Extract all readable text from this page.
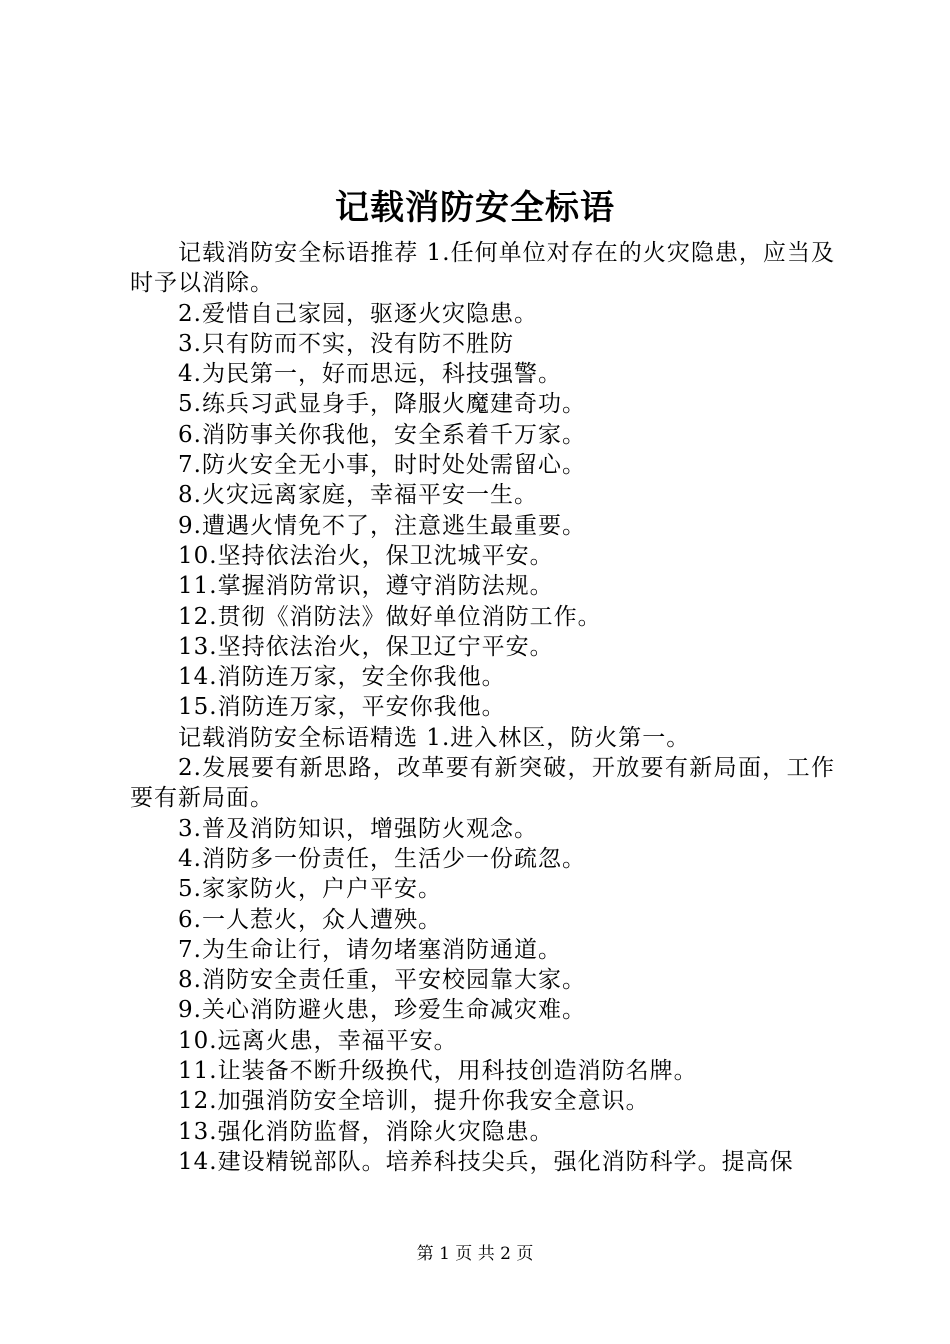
记载消防安全标语

记载消防安全标语推荐 1.任何单位对存在的火灾隐患，应当及时予以消除。

2.爱惜自己家园，驱逐火灾隐患。

3.只有防而不实，没有防不胜防

4.为民第一，好而思远，科技强警。

5.练兵习武显身手，降服火魔建奇功。

6.消防事关你我他，安全系着千万家。

7.防火安全无小事，时时处处需留心。

8.火灾远离家庭，幸福平安一生。

9.遭遇火情免不了，注意逃生最重要。

10.坚持依法治火，保卫沈城平安。

11.掌握消防常识，遵守消防法规。

12.贯彻《消防法》做好单位消防工作。

13.坚持依法治火，保卫辽宁平安。

14.消防连万家，安全你我他。

15.消防连万家，平安你我他。

记载消防安全标语精选 1.进入林区，防火第一。

2.发展要有新思路，改革要有新突破，开放要有新局面，工作要有新局面。

3.普及消防知识，增强防火观念。

4.消防多一份责任，生活少一份疏忽。

5.家家防火，户户平安。

6.一人惹火，众人遭殃。

7.为生命让行，请勿堵塞消防通道。

8.消防安全责任重，平安校园靠大家。

9.关心消防避火患，珍爱生命减灾难。

10.远离火患，幸福平安。

11.让装备不断升级换代，用科技创造消防名牌。

12.加强消防安全培训，提升你我安全意识。

13.强化消防监督，消除火灾隐患。

14.建设精锐部队。培养科技尖兵，强化消防科学。提高保

第 1 页 共 2 页
